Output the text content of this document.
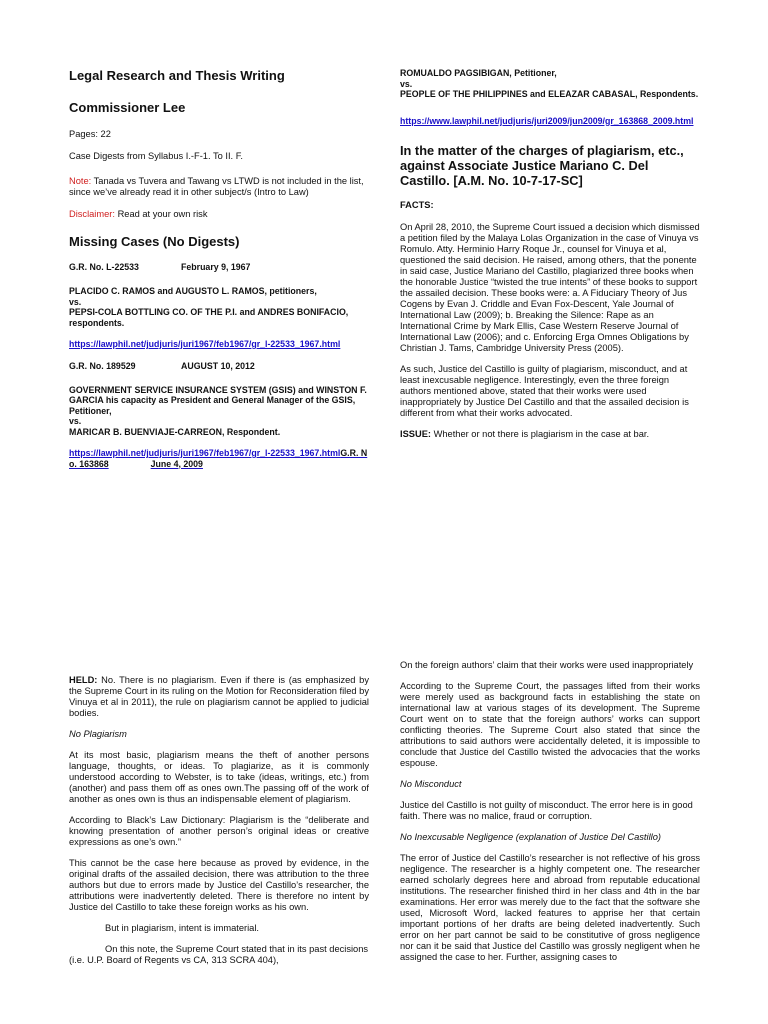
Legal Research and Thesis Writing
Commissioner Lee
Pages: 22
Case Digests from Syllabus I.-F-1. To II. F.
Note: Tanada vs Tuvera and Tawang vs LTWD is not included in the list, since we’ve already read it in other subject/s (Intro to Law)
Disclaimer: Read at your own risk
Missing Cases (No Digests)
G.R. No. L-22533	February 9, 1967
PLACIDO C. RAMOS and AUGUSTO L. RAMOS, petitioners,
vs.
PEPSI-COLA BOTTLING CO. OF THE P.I. and ANDRES BONIFACIO, respondents.
https://lawphil.net/judjuris/juri1967/feb1967/gr_l-22533_1967.html
G.R. No. 189529	AUGUST 10, 2012
GOVERNMENT SERVICE INSURANCE SYSTEM (GSIS) and WINSTON F. GARCIA his capacity as President and General Manager of the GSIS, Petitioner,
vs.
MARICAR B. BUENVIAJE-CARREON, Respondent.
https://lawphil.net/judjuris/juri1967/feb1967/gr_l-22533_1967.htmlG.R. No. 163868	June 4, 2009
ROMUALDO PAGSIBIGAN, Petitioner,
vs.
PEOPLE OF THE PHILIPPINES and ELEAZAR CABASAL, Respondents.
https://www.lawphil.net/judjuris/juri2009/jun2009/gr_163868_2009.html
In the matter of the charges of plagiarism, etc., against Associate Justice Mariano C. Del Castillo. [A.M. No. 10-7-17-SC]
FACTS:
On April 28, 2010, the Supreme Court issued a decision which dismissed a petition filed by the Malaya Lolas Organization in the case of Vinuya vs Romulo. Atty. Herminio Harry Roque Jr., counsel for Vinuya et al, questioned the said decision. He raised, among others, that the ponente in said case, Justice Mariano del Castillo, plagiarized three books when the honorable Justice “twisted the true intents” of these books to support the assailed decision. These books were: a. A Fiduciary Theory of Jus Cogens by Evan J. Criddle and Evan Fox-Descent, Yale Journal of International Law (2009); b. Breaking the Silence: Rape as an International Crime by Mark Ellis, Case Western Reserve Journal of International Law (2006); and c. Enforcing Erga Omnes Obligations by Christian J. Tams, Cambridge University Press (2005).
As such, Justice del Castillo is guilty of plagiarism, misconduct, and at least inexcusable negligence. Interestingly, even the three foreign authors mentioned above, stated that their works were used inappropriately by Justice Del Castillo and that the assailed decision is different from what their works advocated.
ISSUE: Whether or not there is plagiarism in the case at bar.
HELD: No. There is no plagiarism. Even if there is (as emphasized by the Supreme Court in its ruling on the Motion for Reconsideration filed by Vinuya et al in 2011), the rule on plagiarism cannot be applied to judicial bodies.
No Plagiarism
At its most basic, plagiarism means the theft of another persons language, thoughts, or ideas. To plagiarize, as it is commonly understood according to Webster, is to take (ideas, writings, etc.) from (another) and pass them off as ones own.The passing off of the work of another as ones own is thus an indispensable element of plagiarism.
According to Black’s Law Dictionary: Plagiarism is the “deliberate and knowing presentation of another person’s original ideas or creative expressions as one’s own.”
This cannot be the case here because as proved by evidence, in the original drafts of the assailed decision, there was attribution to the three authors but due to errors made by Justice del Castillo’s researcher, the attributions were inadvertently deleted. There is therefore no intent by Justice del Castillo to take these foreign works as his own.
But in plagiarism, intent is immaterial.
On this note, the Supreme Court stated that in its past decisions (i.e. U.P. Board of Regents vs CA, 313 SCRA 404),
On the foreign authors’ claim that their works were used inappropriately
According to the Supreme Court, the passages lifted from their works were merely used as background facts in establishing the state on international law at various stages of its development. The Supreme Court went on to state that the foreign authors’ works can support conflicting theories. The Supreme Court also stated that since the attributions to said authors were accidentally deleted, it is impossible to conclude that Justice del Castillo twisted the advocacies that the works espouse.
No Misconduct
Justice del Castillo is not guilty of misconduct. The error here is in good faith. There was no malice, fraud or corruption.
No Inexcusable Negligence (explanation of Justice Del Castillo)
The error of Justice del Castillo’s researcher is not reflective of his gross negligence. The researcher is a highly competent one. The researcher earned scholarly degrees here and abroad from reputable educational institutions. The researcher finished third in her class and 4th in the bar examinations. Her error was merely due to the fact that the software she used, Microsoft Word, lacked features to apprise her that certain important portions of her drafts are being deleted inadvertently. Such error on her part cannot be said to be constitutive of gross negligence nor can it be said that Justice del Castillo was grossly negligent when he assigned the case to her. Further, assigning cases to
